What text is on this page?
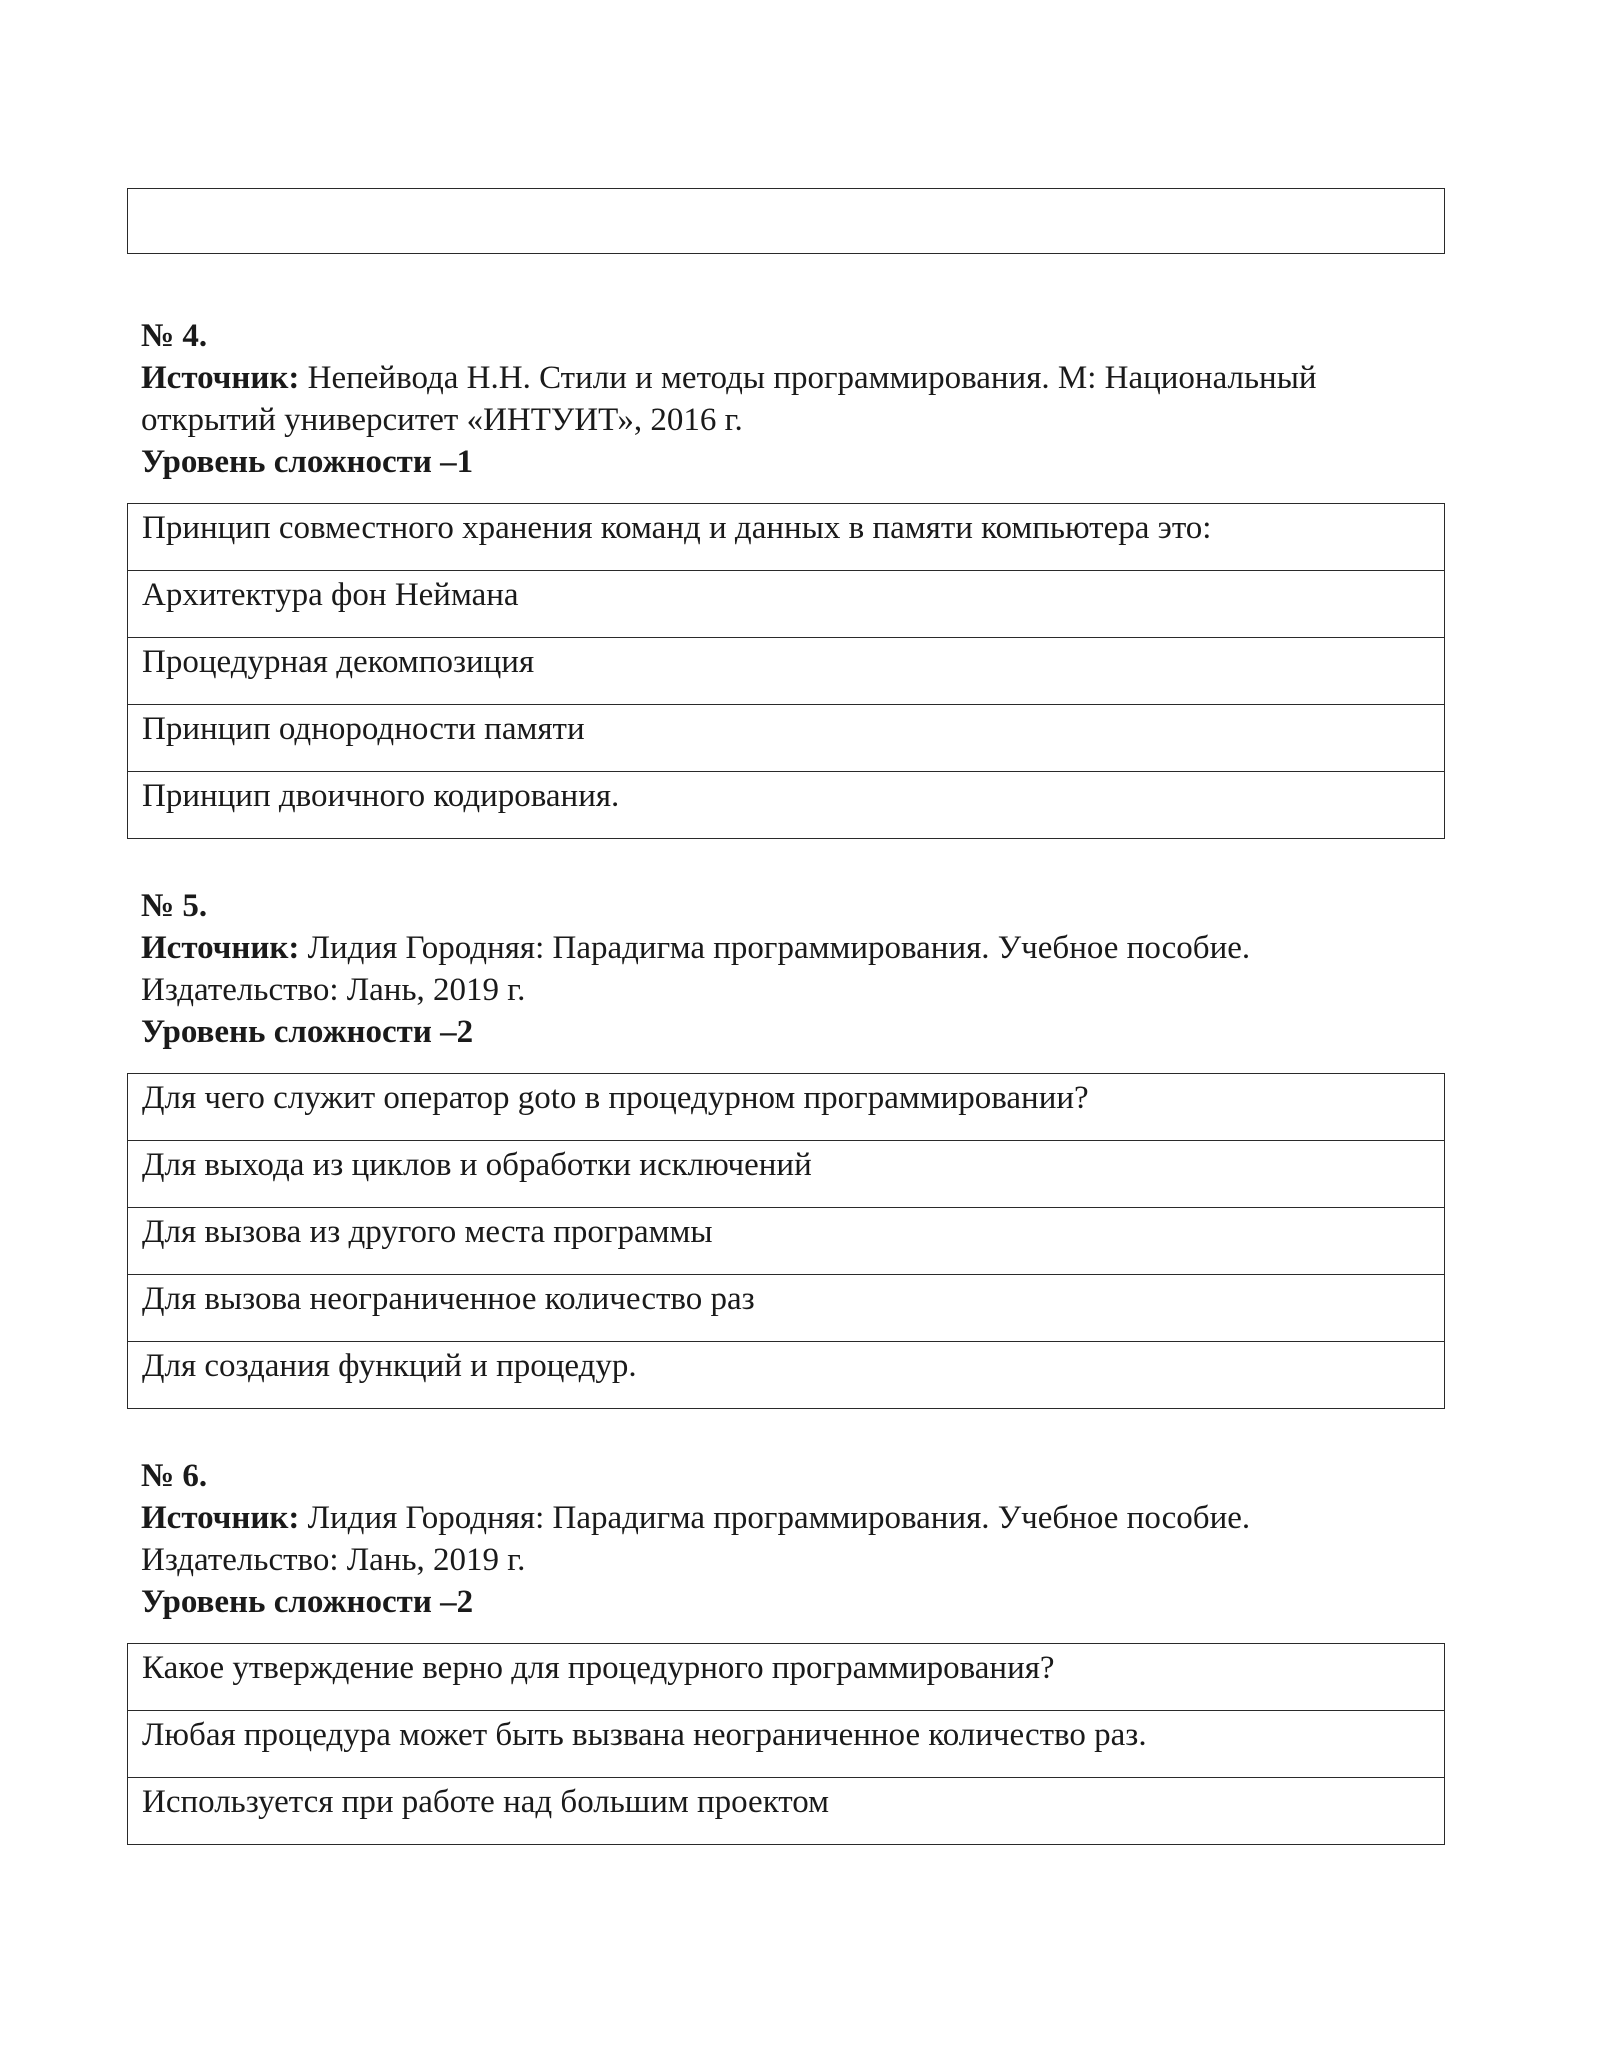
№ 4.

Источник: Непейвода Н.Н. Стили и методы программирования. М: Национальный

открытий университет «ИНТУИТ», 2016 г.

Уровень сложности –1

Принцип совместного хранения команд и данных в памяти компьютера это:

Архитектура фон Неймана

Процедурная декомпозиция

Принцип однородности памяти

Принцип двоичного кодирования.

№ 5.

Источник: Лидия Городняя: Парадигма программирования. Учебное пособие.

Издательство: Лань, 2019 г.

Уровень сложности –2

Для чего служит оператор goto в процедурном программировании?

Для выхода из циклов и обработки исключений

Для вызова из другого места программы

Для вызова неограниченное количество раз

Для создания функций и процедур.

№ 6.

Источник: Лидия Городняя: Парадигма программирования. Учебное пособие.

Издательство: Лань, 2019 г.

Уровень сложности –2

Какое утверждение верно для процедурного программирования?

Любая процедура может быть вызвана неограниченное количество раз.

Используется при работе над большим проектом
